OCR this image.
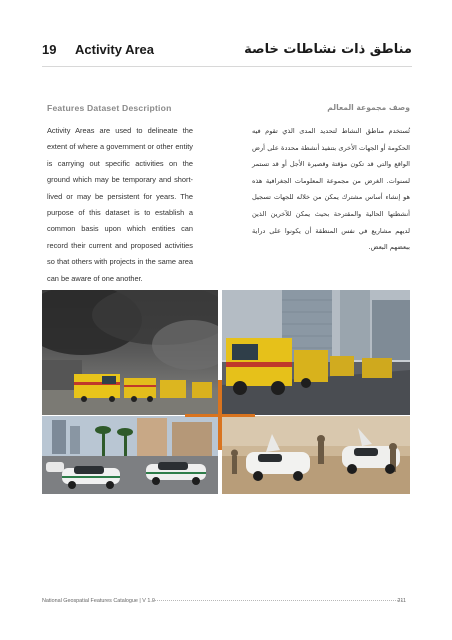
19 Activity Area	مناطق ذات نشاطات خاصة
Features Dataset Description

Activity Areas are used to delineate the extent of where a government or other entity is carrying out specific activities on the ground which may be temporary and short-lived or may be persistent for years. The purpose of this dataset is to establish a common basis upon which entities can record their current and proposed activities so that others with projects in the same area can be aware of one another.

وصف مجموعة المعالم

تُستخدم مناطق النشاط لتحديد المدى الذي تقوم فيه الحكومة أو الجهات الأخرى بتنفيذ أنشطة محددة على أرض الواقع والتي قد تكون مؤقتة وقصيرة الأجل أو قد تستمر لسنوات. الغرض من مجموعة المعلومات الجغرافية هذه هو إنشاء أساس مشترك يمكن من خلاله للجهات تسجيل أنشطتها الحالية والمقترحة بحيث يمكن للآخرين الذين لديهم مشاريع في نفس المنطقة أن يكونوا على دراية ببعضهم البعض.

National Geospatial Features Catalogue | V 1.0	211
